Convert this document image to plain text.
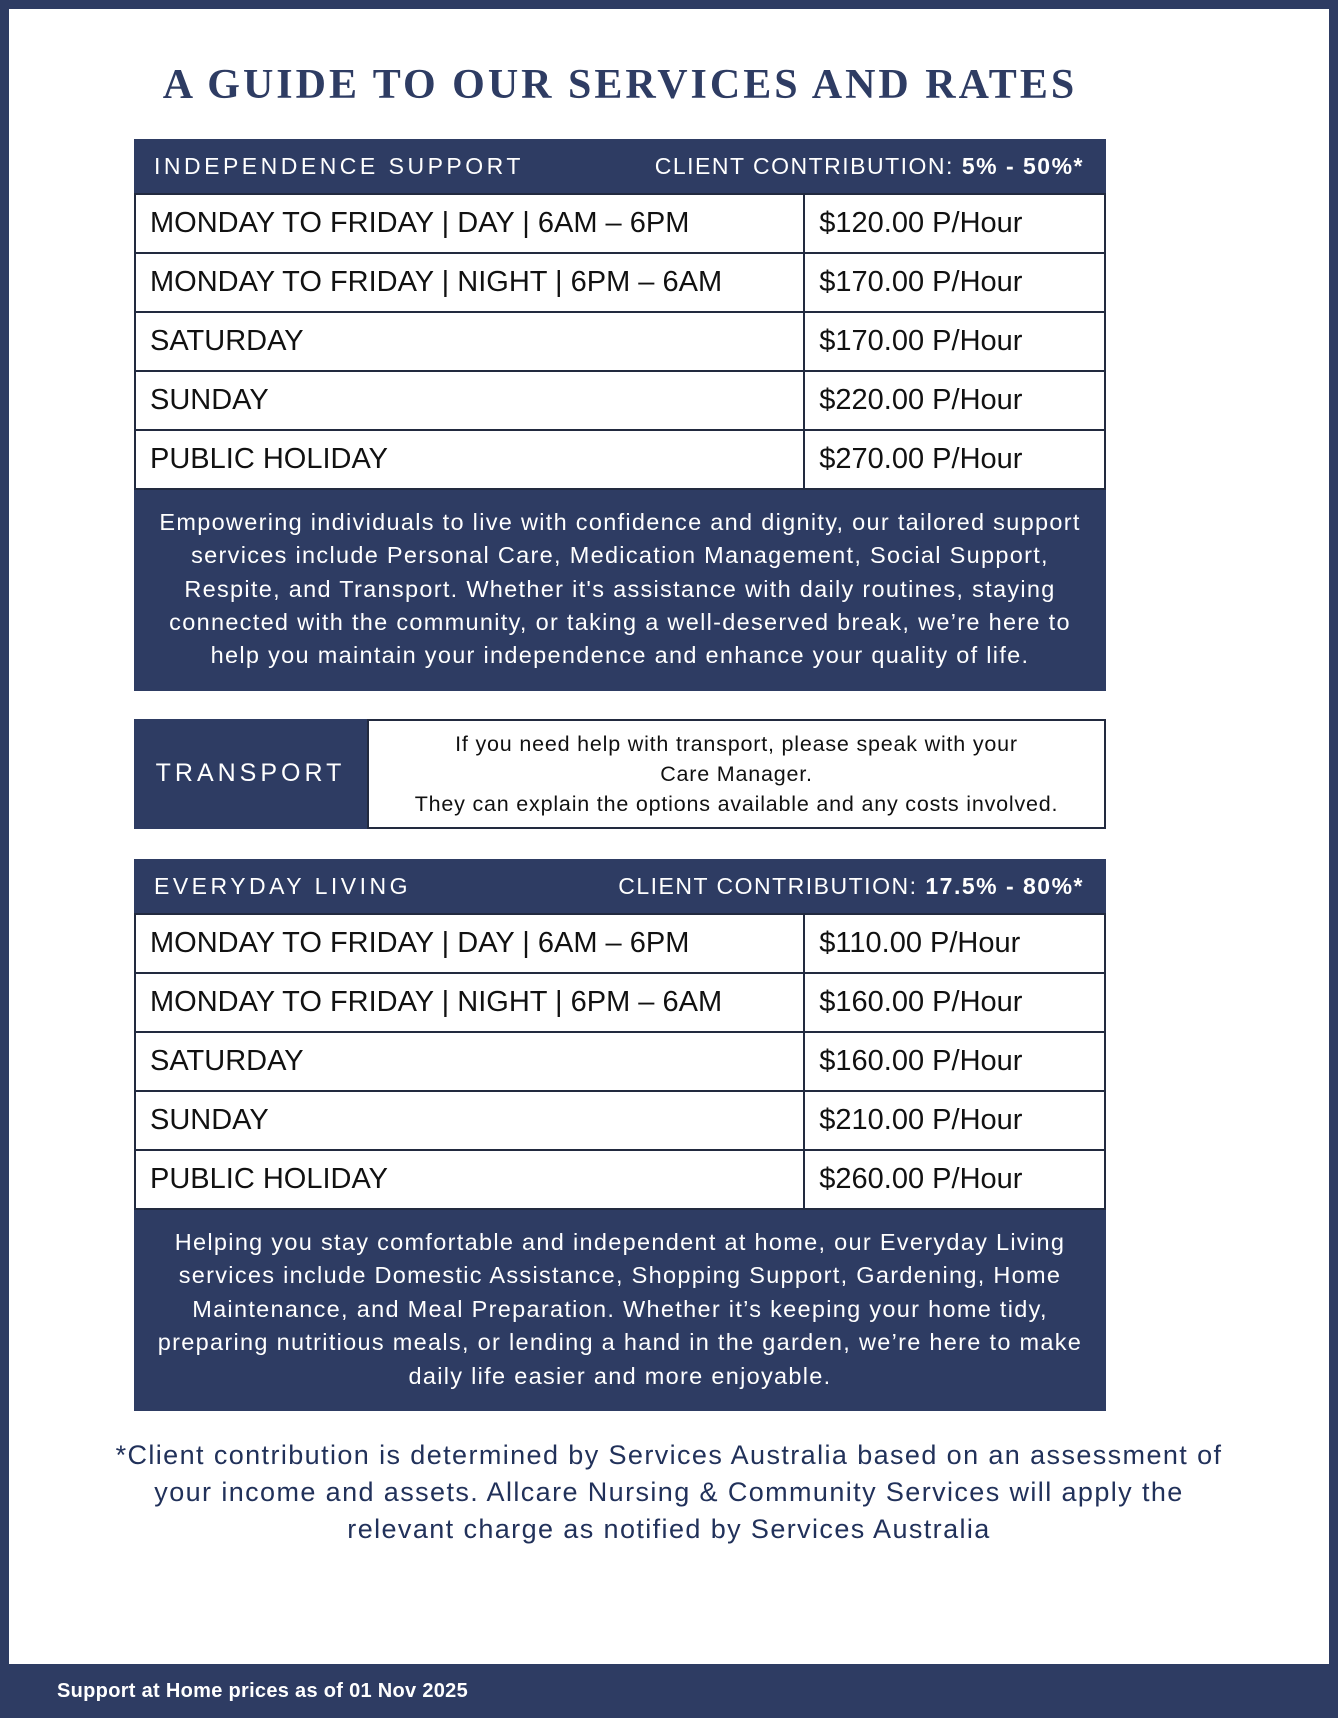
A GUIDE TO OUR SERVICES AND RATES
INDEPENDENCE SUPPORT	CLIENT CONTRIBUTION: 5% - 50%*
MONDAY TO FRIDAY | DAY | 6AM – 6PM	$120.00 P/Hour
MONDAY TO FRIDAY | NIGHT | 6PM – 6AM	$170.00 P/Hour
SATURDAY	$170.00 P/Hour
SUNDAY	$220.00 P/Hour
PUBLIC HOLIDAY	$270.00 P/Hour
Empowering individuals to live with confidence and dignity, our tailored support services include Personal Care, Medication Management, Social Support, Respite, and Transport. Whether it's assistance with daily routines, staying connected with the community, or taking a well-deserved break, we’re here to help you maintain your independence and enhance your quality of life.
TRANSPORT
If you need help with transport, please speak with your
Care Manager.
They can explain the options available and any costs involved.
EVERYDAY LIVING	CLIENT CONTRIBUTION: 17.5% - 80%*
MONDAY TO FRIDAY | DAY | 6AM – 6PM	$110.00 P/Hour
MONDAY TO FRIDAY | NIGHT | 6PM – 6AM	$160.00 P/Hour
SATURDAY	$160.00 P/Hour
SUNDAY	$210.00 P/Hour
PUBLIC HOLIDAY	$260.00 P/Hour
Helping you stay comfortable and independent at home, our Everyday Living services include Domestic Assistance, Shopping Support, Gardening, Home Maintenance, and Meal Preparation. Whether it’s keeping your home tidy, preparing nutritious meals, or lending a hand in the garden, we’re here to make daily life easier and more enjoyable.
*Client contribution is determined by Services Australia based on an assessment of your income and assets. Allcare Nursing & Community Services will apply the relevant charge as notified by Services Australia
Support at Home prices as of 01 Nov 2025
